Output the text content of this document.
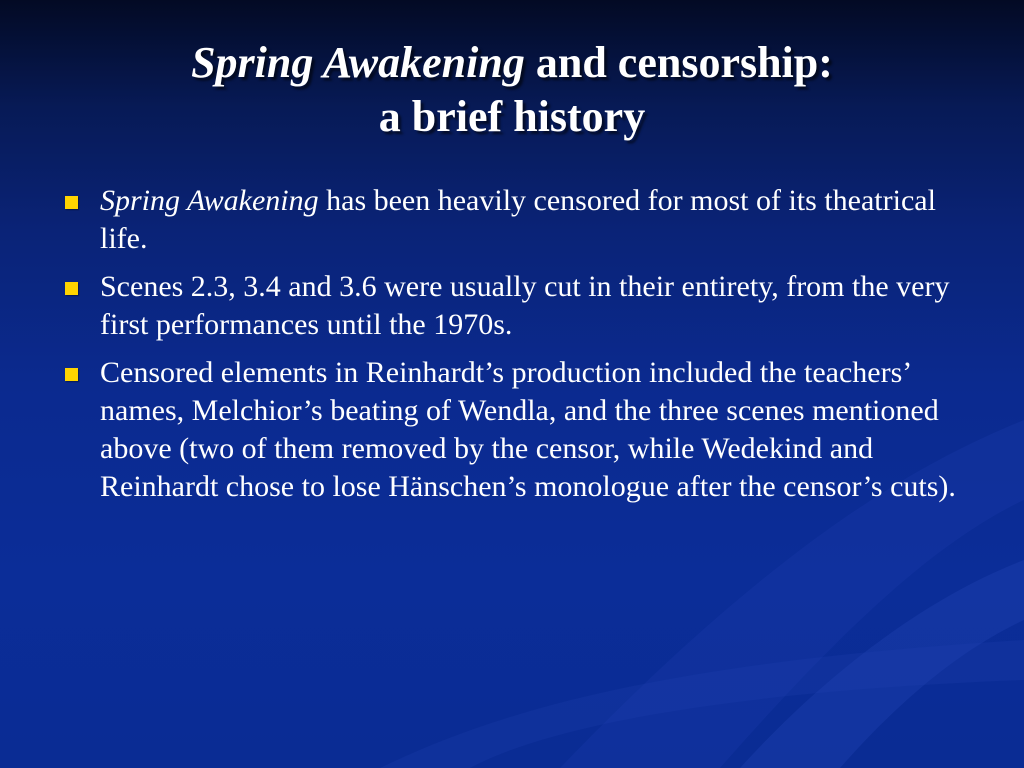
Spring Awakening and censorship:
a brief history
Spring Awakening has been heavily censored for most of its theatrical life.
Scenes 2.3, 3.4 and 3.6 were usually cut in their entirety, from the very first performances until the 1970s.
Censored elements in Reinhardt’s production included the teachers’ names, Melchior’s beating of Wendla, and the three scenes mentioned above (two of them removed by the censor, while Wedekind and Reinhardt chose to lose Hänschen’s monologue after the censor’s cuts).
